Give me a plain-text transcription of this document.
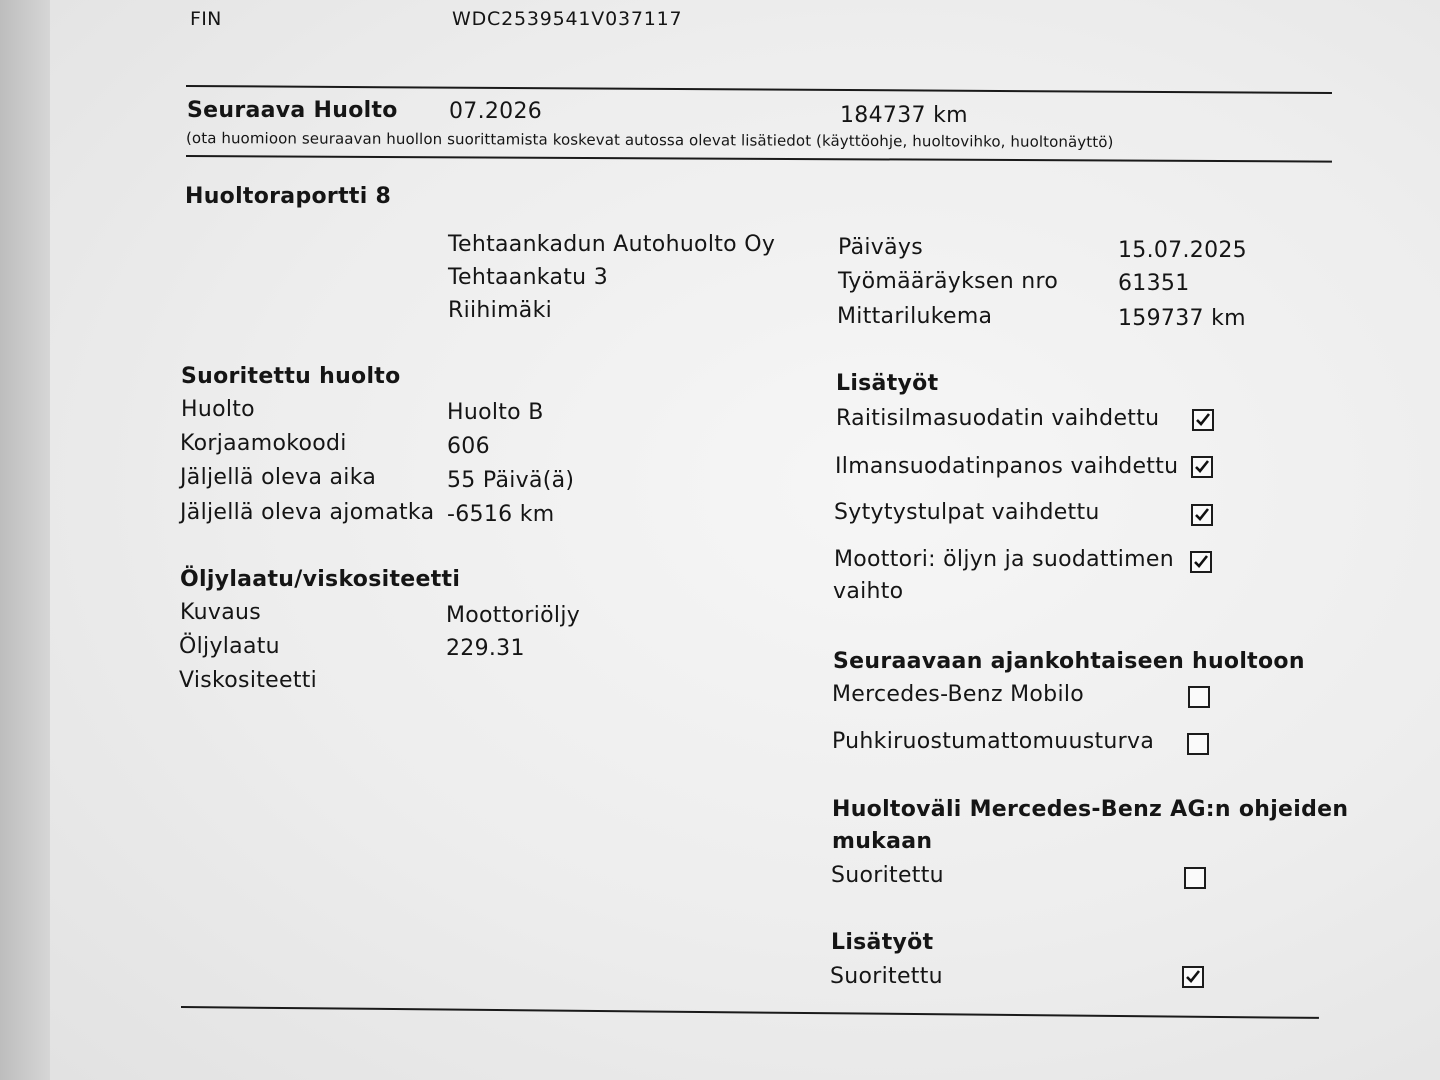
FIN	WDC2539541V037117
Seuraava Huolto 07.2026	184737 km
(ota huomioon seuraavan huollon suorittamista koskevat autossa olevat lisätiedot (käyttöohje, huoltovihko, huoltonäyttö)
Huoltoraportti 8
Tehtaankadun Autohuolto Oy
Tehtaankatu 3
Riihimäki
Päiväys	15.07.2025
Työmääräyksen nro	61351
Mittarilukema	159737 km
Suoritettu huolto
Huolto	Huolto B
Korjaamokoodi	606
Jäljellä oleva aika	55 Päivä(ä)
Jäljellä oleva ajomatka -6516 km
Öljylaatu/viskositeetti
Kuvaus	Moottoriöljy
Öljylaatu	229.31
Viskositeetti
Lisätyöt
Raitisilmasuodatin vaihdettu
Ilmansuodatinpanos vaihdettu
Sytytystulpat vaihdettu
Moottori: öljyn ja suodattimen
vaihto
Seuraavaan ajankohtaiseen huoltoon
Mercedes-Benz Mobilo
Puhkiruostumattomuusturva
Huoltoväli Mercedes-Benz AG:n ohjeiden
mukaan
Suoritettu
Lisätyöt
Suoritettu
